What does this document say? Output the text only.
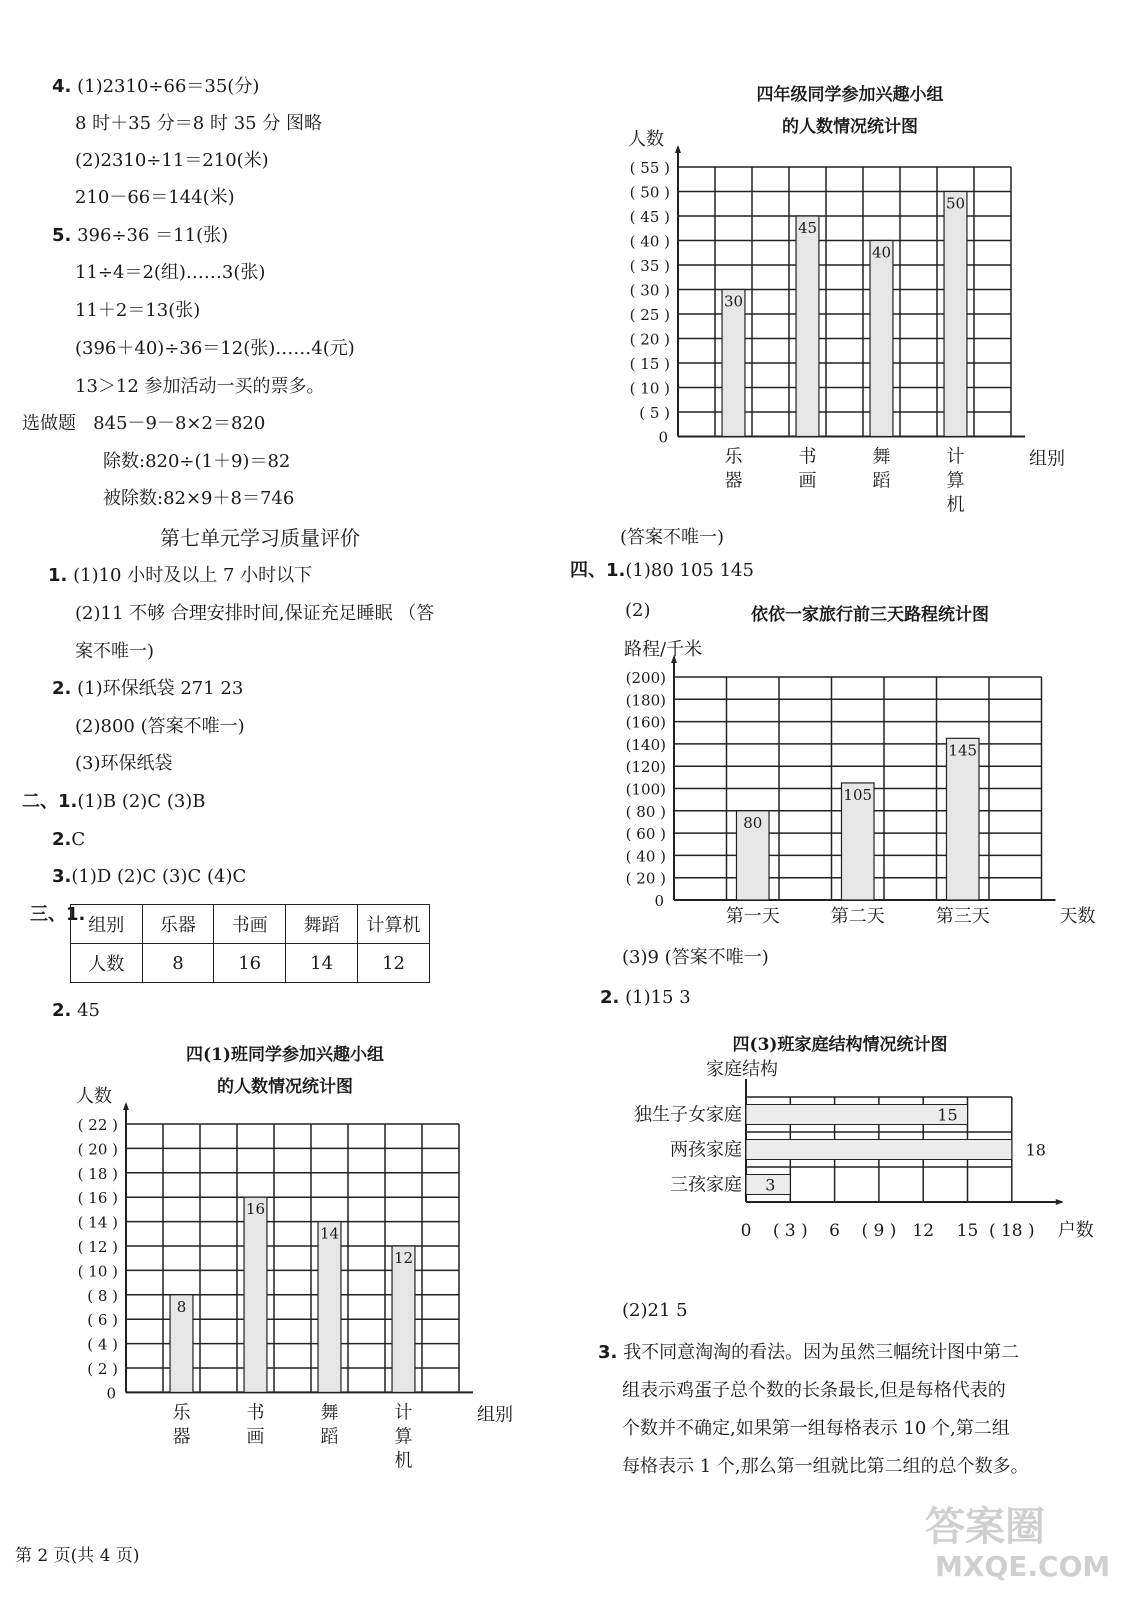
4. (1)2310÷66＝35(分)
8 时＋35 分＝8 时 35 分 图略
(2)2310÷11＝210(米)
210－66＝144(米)
5. 396÷36 ＝11(张)
11÷4＝2(组)……3(张)
11＋2＝13(张)
(396＋40)÷36＝12(张)……4(元)
13＞12 参加活动一买的票多。
选做题 845－9－8×2＝820
除数:820÷(1＋9)＝82
被除数:82×9＋8＝746
第七单元学习质量评价
1. (1)10 小时及以上 7 小时以下
(2)11 不够 合理安排时间,保证充足睡眠 （答
案不唯一)
2. (1)环保纸袋 271 23
(2)800 (答案不唯一)
(3)环保纸袋
二、1.(1)B (2)C (3)B
2.C
3.(1)D (2)C (3)C (4)C
三、1.
组别	乐器	书画	舞蹈	计算机
人数	8	16	14	12
2. 45
四(1)班同学参加兴趣小组
的人数情况统计图
( 2 )
( 4 )
( 6 )
( 8 )
( 10 )
( 12 )
( 14 )
( 16 )
( 18 )
( 20 )
( 22 )
0
人数
组别
8
乐
器
16
书
画
14
舞
蹈
12
计
算
机
第 2 页(共 4 页)
四年级同学参加兴趣小组
的人数情况统计图
( 5 )
( 10 )
( 15 )
( 20 )
( 25 )
( 30 )
( 35 )
( 40 )
( 45 )
( 50 )
( 55 )
0
人数
组别
30
乐
器
45
书
画
40
舞
蹈
50
计
算
机
(答案不唯一)
四、1.(1)80 105 145
(2)	依依一家旅行前三天路程统计图
( 20 )
( 40 )
( 60 )
( 80 )
(100)
(120)
(140)
(160)
(180)
(200)
0
路程/千米
天数
80
第一天
105
第二天
145
第三天
(3)9 (答案不唯一)
2. (1)15 3
四(3)班家庭结构情况统计图
家庭结构
独生子女家庭	15
两孩家庭	18
三孩家庭 3
0 ( 3 ) 6 ( 9 ) 12 15 ( 18 ) 户数
(2)21 5
3. 我不同意淘淘的看法。因为虽然三幅统计图中第二
组表示鸡蛋子总个数的长条最长,但是每格代表的
个数并不确定,如果第一组每格表示 10 个,第二组
每格表示 1 个,那么第一组就比第二组的总个数多。
答案圈
MXQE.COM
